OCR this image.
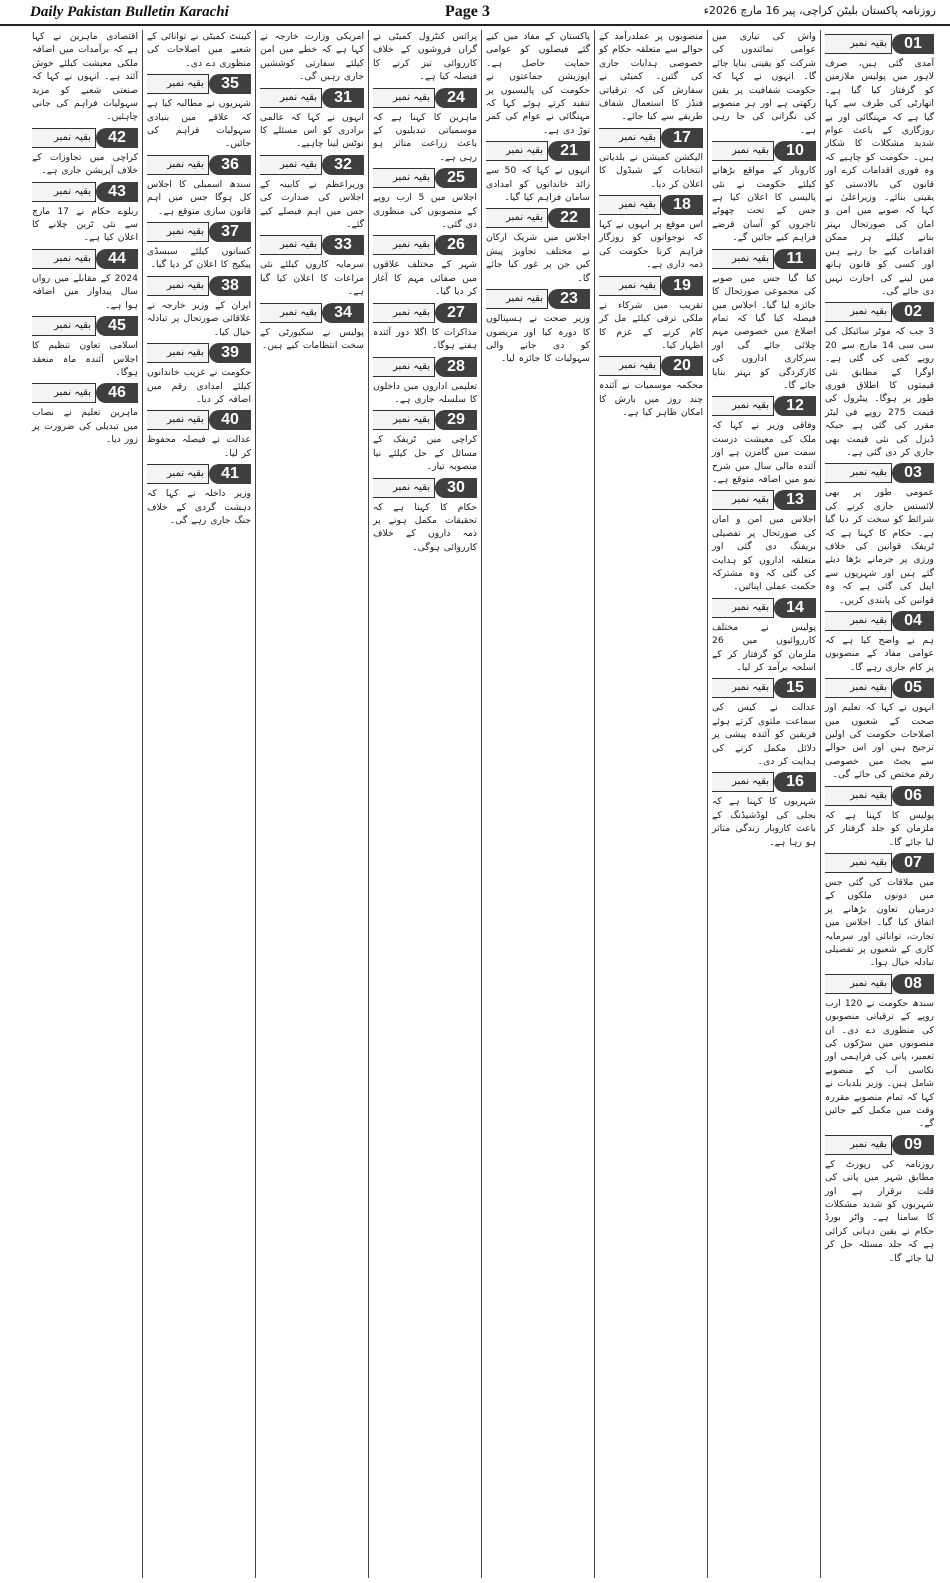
Daily Pakistan Bulletin Karachi	Page 3	روزنامہ پاکستان بلیٹن کراچی، پیر 16 مارچ 2026ء
بقیہ نمبر	01
آمدی گئی ہیں، صرف لاہور میں پولیس ملازمین کو گرفتار کیا گیا ہے۔ اتھارٹی کی طرف سے کہا گیا ہے کہ مہنگائی اور بے روزگاری کے باعث عوام شدید مشکلات کا شکار ہیں۔ حکومت کو چاہیے کہ وہ فوری اقدامات کرے اور قانون کی بالادستی کو یقینی بنائے۔ وزیراعلیٰ نے کہا کہ صوبے میں امن و امان کی صورتحال بہتر بنانے کیلئے ہر ممکن اقدامات کیے جا رہے ہیں اور کسی کو قانون ہاتھ میں لینے کی اجازت نہیں دی جائے گی۔
بقیہ نمبر	02
3 جب کہ موٹر سائیکل کی سی سی 14 مارچ سے 20 روپے کمی کی گئی ہے۔ اوگرا کے مطابق نئی قیمتوں کا اطلاق فوری طور پر ہوگا۔ پیٹرول کی قیمت 275 روپے فی لیٹر مقرر کی گئی ہے جبکہ ڈیزل کی نئی قیمت بھی جاری کر دی گئی ہے۔
بقیہ نمبر	03
عمومی طور پر بھی لائسنس جاری کرنے کی شرائط کو سخت کر دیا گیا ہے۔ حکام کا کہنا ہے کہ ٹریفک قوانین کی خلاف ورزی پر جرمانے بڑھا دیئے گئے ہیں اور شہریوں سے اپیل کی گئی ہے کہ وہ قوانین کی پابندی کریں۔
بقیہ نمبر	04
ہم نے واضح کیا ہے کہ عوامی مفاد کے منصوبوں پر کام جاری رہے گا۔
بقیہ نمبر	05
انہوں نے کہا کہ تعلیم اور صحت کے شعبوں میں اصلاحات حکومت کی اولین ترجیح ہیں اور اس حوالے سے بجٹ میں خصوصی رقم مختص کی جائے گی۔
بقیہ نمبر	06
پولیس کا کہنا ہے کہ ملزمان کو جلد گرفتار کر لیا جائے گا۔
بقیہ نمبر	07
میں ملاقات کی گئی جس میں دونوں ملکوں کے درمیان تعاون بڑھانے پر اتفاق کیا گیا۔ اجلاس میں تجارت، توانائی اور سرمایہ کاری کے شعبوں پر تفصیلی تبادلہ خیال ہوا۔
بقیہ نمبر	08
سندھ حکومت نے 120 ارب روپے کے ترقیاتی منصوبوں کی منظوری دے دی۔ ان منصوبوں میں سڑکوں کی تعمیر، پانی کی فراہمی اور نکاسی آب کے منصوبے شامل ہیں۔ وزیر بلدیات نے کہا کہ تمام منصوبے مقررہ وقت میں مکمل کیے جائیں گے۔
بقیہ نمبر	09
روزنامہ کی رپورٹ کے مطابق شہر میں پانی کی قلت برقرار ہے اور شہریوں کو شدید مشکلات کا سامنا ہے۔ واٹر بورڈ حکام نے یقین دہانی کرائی ہے کہ جلد مسئلہ حل کر لیا جائے گا۔
واش کی تیاری میں عوامی نمائندوں کی شرکت کو یقینی بنایا جائے گا۔ انہوں نے کہا کہ حکومت شفافیت پر یقین رکھتی ہے اور ہر منصوبے کی نگرانی کی جا رہی ہے۔
بقیہ نمبر	10
کاروبار کے مواقع بڑھانے کیلئے حکومت نے نئی پالیسی کا اعلان کیا ہے جس کے تحت چھوٹے تاجروں کو آسان قرضے فراہم کیے جائیں گے۔
بقیہ نمبر	11
کیا گیا جس میں صوبے کی مجموعی صورتحال کا جائزہ لیا گیا۔ اجلاس میں فیصلہ کیا گیا کہ تمام اضلاع میں خصوصی مہم چلائی جائے گی اور سرکاری اداروں کی کارکردگی کو بہتر بنایا جائے گا۔
بقیہ نمبر	12
وفاقی وزیر نے کہا کہ ملک کی معیشت درست سمت میں گامزن ہے اور آئندہ مالی سال میں شرح نمو میں اضافہ متوقع ہے۔
بقیہ نمبر	13
اجلاس میں امن و امان کی صورتحال پر تفصیلی بریفنگ دی گئی اور متعلقہ اداروں کو ہدایت کی گئی کہ وہ مشترکہ حکمت عملی اپنائیں۔
بقیہ نمبر	14
پولیس نے مختلف کارروائیوں میں 26 ملزمان کو گرفتار کر کے اسلحہ برآمد کر لیا۔
بقیہ نمبر	15
عدالت نے کیس کی سماعت ملتوی کرتے ہوئے فریقین کو آئندہ پیشی پر دلائل مکمل کرنے کی ہدایت کر دی۔
بقیہ نمبر	16
شہریوں کا کہنا ہے کہ بجلی کی لوڈشیڈنگ کے باعث کاروبار زندگی متاثر ہو رہا ہے۔
منصوبوں پر عملدرآمد کے حوالے سے متعلقہ حکام کو خصوصی ہدایات جاری کی گئیں۔ کمیٹی نے سفارش کی کہ ترقیاتی فنڈز کا استعمال شفاف طریقے سے کیا جائے۔
بقیہ نمبر	17
الیکشن کمیشن نے بلدیاتی انتخابات کے شیڈول کا اعلان کر دیا۔
بقیہ نمبر	18
اس موقع پر انہوں نے کہا کہ نوجوانوں کو روزگار فراہم کرنا حکومت کی ذمہ داری ہے۔
بقیہ نمبر	19
تقریب میں شرکاء نے ملکی ترقی کیلئے مل کر کام کرنے کے عزم کا اظہار کیا۔
بقیہ نمبر	20
محکمہ موسمیات نے آئندہ چند روز میں بارش کا امکان ظاہر کیا ہے۔
پاکستان کے مفاد میں کیے گئے فیصلوں کو عوامی حمایت حاصل ہے۔ اپوزیشن جماعتوں نے حکومت کی پالیسیوں پر تنقید کرتے ہوئے کہا کہ مہنگائی نے عوام کی کمر توڑ دی ہے۔
بقیہ نمبر	21
انہوں نے کہا کہ 50 سے زائد خاندانوں کو امدادی سامان فراہم کیا گیا۔
بقیہ نمبر	22
اجلاس میں شریک ارکان نے مختلف تجاویز پیش کیں جن پر غور کیا جائے گا۔
بقیہ نمبر	23
وزیر صحت نے ہسپتالوں کا دورہ کیا اور مریضوں کو دی جانے والی سہولیات کا جائزہ لیا۔
پرائس کنٹرول کمیٹی نے گراں فروشوں کے خلاف کارروائی تیز کرنے کا فیصلہ کیا ہے۔
بقیہ نمبر	24
ماہرین کا کہنا ہے کہ موسمیاتی تبدیلیوں کے باعث زراعت متاثر ہو رہی ہے۔
بقیہ نمبر	25
اجلاس میں 5 ارب روپے کے منصوبوں کی منظوری دی گئی۔
بقیہ نمبر	26
شہر کے مختلف علاقوں میں صفائی مہم کا آغاز کر دیا گیا۔
بقیہ نمبر	27
مذاکرات کا اگلا دور آئندہ ہفتے ہوگا۔
بقیہ نمبر	28
تعلیمی اداروں میں داخلوں کا سلسلہ جاری ہے۔
بقیہ نمبر	29
کراچی میں ٹریفک کے مسائل کے حل کیلئے نیا منصوبہ تیار۔
بقیہ نمبر	30
حکام کا کہنا ہے کہ تحقیقات مکمل ہونے پر ذمہ داروں کے خلاف کارروائی ہوگی۔
امریکی وزارت خارجہ نے کہا ہے کہ خطے میں امن کیلئے سفارتی کوششیں جاری رہیں گی۔
بقیہ نمبر	31
انہوں نے کہا کہ عالمی برادری کو اس مسئلے کا نوٹس لینا چاہیے۔
بقیہ نمبر	32
وزیراعظم نے کابینہ کے اجلاس کی صدارت کی جس میں اہم فیصلے کیے گئے۔
بقیہ نمبر	33
سرمایہ کاروں کیلئے نئی مراعات کا اعلان کیا گیا ہے۔
بقیہ نمبر	34
پولیس نے سکیورٹی کے سخت انتظامات کیے ہیں۔
کیبنٹ کمیٹی نے توانائی کے شعبے میں اصلاحات کی منظوری دے دی۔
بقیہ نمبر	35
شہریوں نے مطالبہ کیا ہے کہ علاقے میں بنیادی سہولیات فراہم کی جائیں۔
بقیہ نمبر	36
سندھ اسمبلی کا اجلاس کل ہوگا جس میں اہم قانون سازی متوقع ہے۔
بقیہ نمبر	37
کسانوں کیلئے سبسڈی پیکیج کا اعلان کر دیا گیا۔
بقیہ نمبر	38
ایران کے وزیر خارجہ نے علاقائی صورتحال پر تبادلہ خیال کیا۔
بقیہ نمبر	39
حکومت نے غریب خاندانوں کیلئے امدادی رقم میں اضافہ کر دیا۔
بقیہ نمبر	40
عدالت نے فیصلہ محفوظ کر لیا۔
بقیہ نمبر	41
وزیر داخلہ نے کہا کہ دہشت گردی کے خلاف جنگ جاری رہے گی۔
اقتصادی ماہرین نے کہا ہے کہ برآمدات میں اضافہ ملکی معیشت کیلئے خوش آئند ہے۔ انہوں نے کہا کہ صنعتی شعبے کو مزید سہولیات فراہم کی جانی چاہئیں۔
بقیہ نمبر	42
کراچی میں تجاوزات کے خلاف آپریشن جاری ہے۔
بقیہ نمبر	43
ریلوے حکام نے 17 مارچ سے نئی ٹرین چلانے کا اعلان کیا ہے۔
بقیہ نمبر	44
2024 کے مقابلے میں رواں سال پیداوار میں اضافہ ہوا ہے۔
بقیہ نمبر	45
اسلامی تعاون تنظیم کا اجلاس آئندہ ماہ منعقد ہوگا۔
بقیہ نمبر	46
ماہرین تعلیم نے نصاب میں تبدیلی کی ضرورت پر زور دیا۔
